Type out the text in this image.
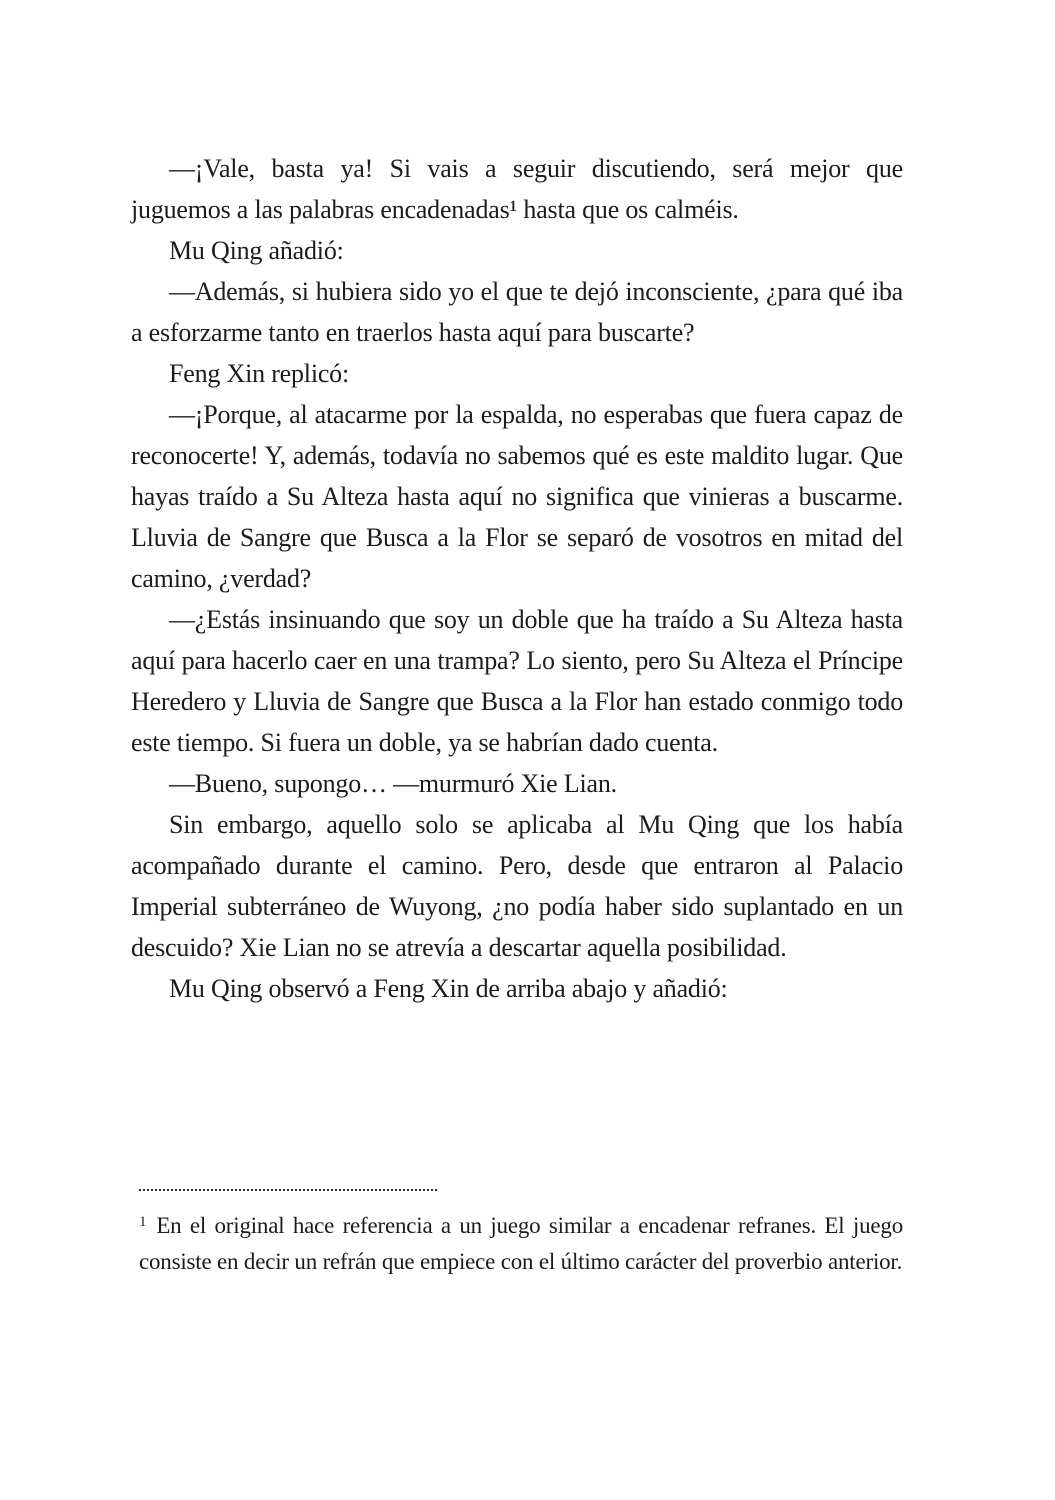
—¡Vale, basta ya! Si vais a seguir discutiendo, será mejor que juguemos a las palabras encadenadas¹ hasta que os calméis.

Mu Qing añadió:

—Además, si hubiera sido yo el que te dejó inconsciente, ¿para qué iba a esforzarme tanto en traerlos hasta aquí para buscarte?

Feng Xin replicó:

—¡Porque, al atacarme por la espalda, no esperabas que fuera capaz de reconocerte! Y, además, todavía no sabemos qué es este maldito lugar. Que hayas traído a Su Alteza hasta aquí no significa que vinieras a buscarme. Lluvia de Sangre que Busca a la Flor se separó de vosotros en mitad del camino, ¿verdad?

—¿Estás insinuando que soy un doble que ha traído a Su Alteza hasta aquí para hacerlo caer en una trampa? Lo siento, pero Su Alteza el Príncipe Heredero y Lluvia de Sangre que Busca a la Flor han estado conmigo todo este tiempo. Si fuera un doble, ya se habrían dado cuenta.

—Bueno, supongo… —murmuró Xie Lian.

Sin embargo, aquello solo se aplicaba al Mu Qing que los había acompañado durante el camino. Pero, desde que entraron al Palacio Imperial subterráneo de Wuyong, ¿no podía haber sido suplantado en un descuido? Xie Lian no se atrevía a descartar aquella posibilidad.

Mu Qing observó a Feng Xin de arriba abajo y añadió:

$^1$ En el original hace referencia a un juego similar a encadenar refranes. El juego consiste en decir un refrán que empiece con el último carácter del proverbio anterior.
